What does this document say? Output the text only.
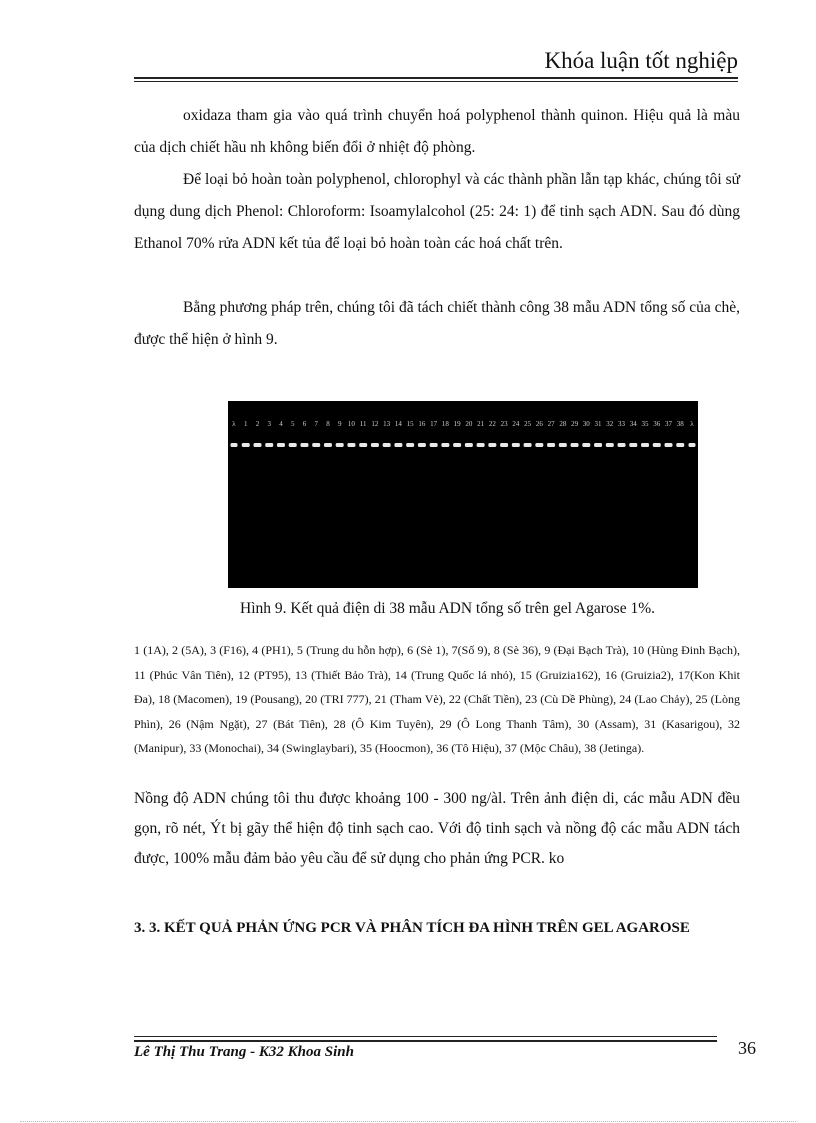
Khóa luận tốt nghiệp

oxidaza tham gia vào quá trình chuyển hoá polyphenol thành quinon. Hiệu quả là màu của dịch chiết hầu nh không biến đổi ở nhiệt độ phòng.

Để loại bỏ hoàn toàn polyphenol, chlorophyl và các thành phần lẫn tạp khác, chúng tôi sử dụng dung dịch Phenol: Chloroform: Isoamylalcohol (25: 24: 1) để tinh sạch ADN. Sau đó dùng Ethanol 70% rửa ADN kết tủa để loại bỏ hoàn toàn các hoá chất trên.

Bằng phương pháp trên, chúng tôi đã tách chiết thành công 38 mẫu ADN tổng số của chè, được thể hiện ở hình 9.

λ 1 2 3 4 5 6 7 8 9 10 11 12 13 14 15 16 17 18 19 20 21 22 23 24 25 26 27 28 29 30 31 32 33 34 35 36 37 38 λ
Hình 9. Kết quả điện di 38 mẫu ADN tổng số trên gel Agarose 1%.

1 (1A), 2 (5A), 3 (F16), 4 (PH1), 5 (Trung du hỗn hợp), 6 (Sè 1), 7(Số 9), 8 (Sè 36), 9 (Đại Bạch Trà), 10 (Hùng Đinh Bạch), 11 (Phúc Vân Tiên), 12 (PT95), 13 (Thiết Bảo Trà), 14 (Trung Quốc lá nhỏ), 15 (Gruizia162), 16 (Gruizia2), 17(Kon Khit Đa), 18 (Macomen), 19 (Pousang), 20 (TRI 777), 21 (Tham Vè), 22 (Chất Tiền), 23 (Cù Dề Phùng), 24 (Lao Chảy), 25 (Lòng Phìn), 26 (Nậm Ngặt), 27 (Bát Tiên), 28 (Ô Kim Tuyên), 29 (Ô Long Thanh Tâm), 30 (Assam), 31 (Kasarigou), 32 (Manipur), 33 (Monochai), 34 (Swinglaybari), 35 (Hoocmon), 36 (Tô Hiệu), 37 (Mộc Châu), 38 (Jetinga).

Nồng độ ADN chúng tôi thu được khoảng 100 - 300 ng/àl. Trên ảnh điện di, các mẫu ADN đều gọn, rõ nét, Ýt bị gãy thể hiện độ tinh sạch cao. Với độ tinh sạch và nồng độ các mẫu ADN tách được, 100% mẫu đảm bảo yêu cầu để sử dụng cho phản ứng PCR. ko

3. 3. KẾT QUẢ PHẢN ỨNG PCR VÀ PHÂN TÍCH ĐA HÌNH TRÊN GEL AGAROSE

Lê Thị Thu Trang - K32 Khoa Sinh	36
